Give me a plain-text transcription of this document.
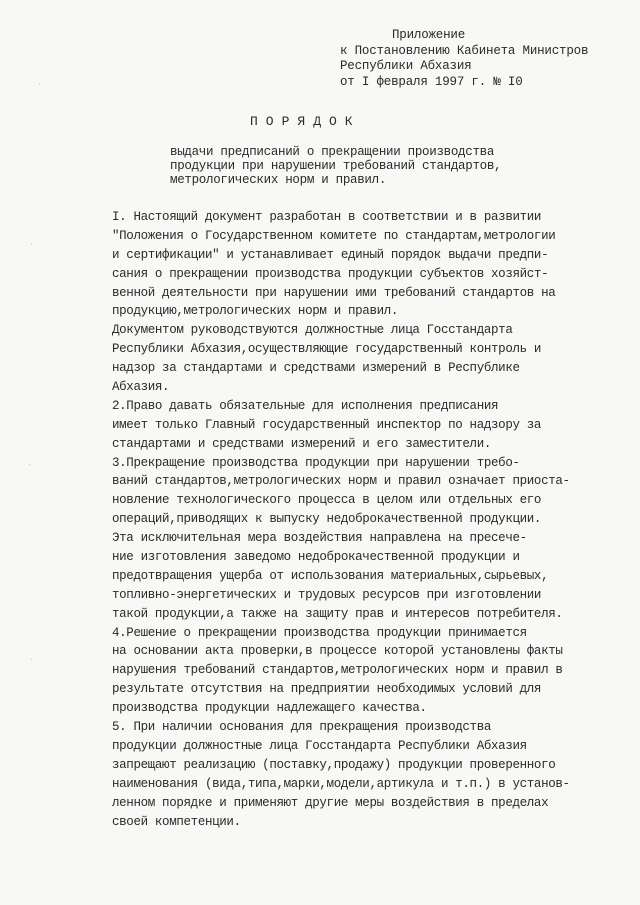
·
·
·
·
Приложение
к Постановлению Кабинета Министров
Республики Абхазия
от I февраля 1997 г. № I0
ПОРЯДОК
выдачи предписаний о прекращении производства
продукции при нарушении требований стандартов,
метрологических норм и правил.
I. Настоящий документ разработан в соответствии и в развитии
"Положения о Государственном комитете по стандартам,метрологии
и сертификации" и устанавливает единый порядок выдачи предпи-
сания о прекращении производства продукции субъектов хозяйст-
венной деятельности при нарушении ими требований стандартов на
продукцию,метрологических норм и правил.
Документом руководствуются должностные лица Госстандарта
Республики Абхазия,осуществляющие государственный контроль и
надзор за стандартами и средствами измерений в Республике
Абхазия.
2.Право давать обязательные для исполнения предписания
имеет только Главный государственный инспектор по надзору за
стандартами и средствами измерений и его заместители.
3.Прекращение производства продукции при нарушении требо-
ваний стандартов,метрологических норм и правил означает приоста-
новление технологического процесса в целом или отдельных его
операций,приводящих к выпуску недоброкачественной продукции.
Эта исключительная мера воздействия направлена на пресече-
ние изготовления заведомо недоброкачественной продукции и
предотвращения ущерба от использования материальных,сырьевых,
топливно-энергетических и трудовых ресурсов при изготовлении
такой продукции,а также на защиту прав и интересов потребителя.
4.Решение о прекращении производства продукции принимается
на основании акта проверки,в процессе которой установлены факты
нарушения требований стандартов,метрологических норм и правил в
результате отсутствия на предприятии необходимых условий для
производства продукции надлежащего качества.
5. При наличии основания для прекращения производства
продукции должностные лица Госстандарта Республики Абхазия
запрещают реализацию (поставку,продажу) продукции проверенного
наименования (вида,типа,марки,модели,артикула и т.п.) в установ-
ленном порядке и применяют другие меры воздействия в пределах
своей компетенции.
